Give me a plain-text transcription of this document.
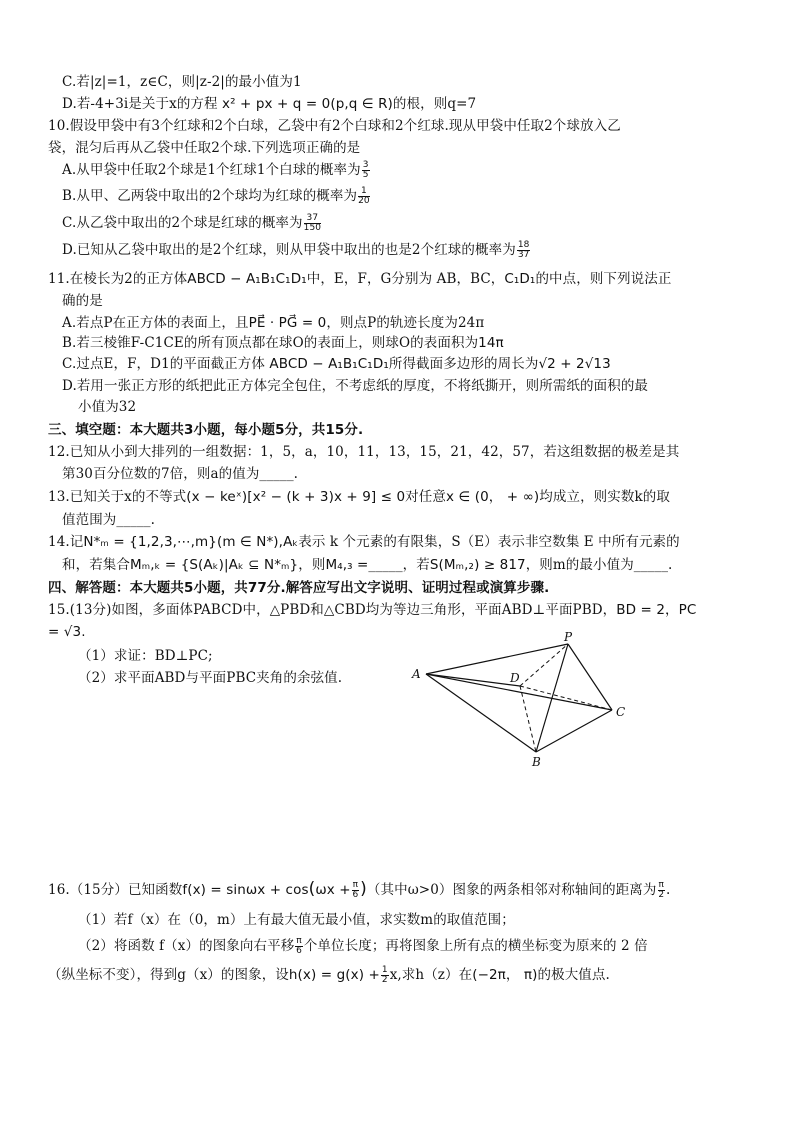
C.若|z|=1，z∈C，则|z-2|的最小值为1
D.若-4+3i是关于x的方程 x² + px + q = 0(p,q ∈ R)的根，则q=7
10.假设甲袋中有3个红球和2个白球，乙袋中有2个白球和2个红球.现从甲袋中任取2个球放入乙
袋，混匀后再从乙袋中任取2个球.下列选项正确的是
A.从甲袋中任取2个球是1个红球1个白球的概率为 $\frac{3}{5}$
B.从甲、乙两袋中取出的2个球均为红球的概率为 $\frac{1}{20}$
C.从乙袋中取出的2个球是红球的概率为 $\frac{37}{150}$
D.已知从乙袋中取出的是2个红球，则从甲袋中取出的也是2个红球的概率为 $\frac{18}{37}$
11.在棱长为2的正方体ABCD − A₁B₁C₁D₁中，E，F，G分别为 AB，BC，C₁D₁的中点，则下列说法正
确的是
A.若点P在正方体的表面上，且PE⃗ · PG⃗ = 0，则点P的轨迹长度为24π
B.若三棱锥F-C1CE的所有顶点都在球O的表面上，则球O的表面积为14π
C.过点E，F，D1的平面截正方体 ABCD − A₁B₁C₁D₁所得截面多边形的周长为√2 + 2√13
D.若用一张正方形的纸把此正方体完全包住，不考虑纸的厚度，不将纸撕开，则所需纸的面积的最
小值为32
三、填空题：本大题共3小题，每小题5分，共15分.
12.已知从小到大排列的一组数据：1，5，a，10，11，13，15，21，42，57，若这组数据的极差是其
第30百分位数的7倍，则a的值为_____.
13.已知关于x的不等式(x − keˣ)[x² − (k + 3)x + 9] ≤ 0对任意x ∈ (0， + ∞)均成立，则实数k的取
值范围为_____.
14.记N*ₘ = {1,2,3,⋯,m}(m ∈ N*),Aₖ表示 k 个元素的有限集，S（E）表示非空数集 E 中所有元素的
和，若集合Mₘ,ₖ = {S(Aₖ)|Aₖ ⊆ N*ₘ}，则M₄,₃ =_____，若S(Mₘ,₂) ≥ 817，则m的最小值为_____.
四、解答题：本大题共5小题，共77分.解答应写出文字说明、证明过程或演算步骤.
15.(13分)如图，多面体PABCD中，△PBD和△CBD均为等边三角形，平面ABD⊥平面PBD，BD = 2，PC
= √3.
（1）求证：BD⊥PC;
（2）求平面ABD与平面PBC夹角的余弦值.
P
A	D
C
B
16.（15分）已知函数$f(x) = \sin\omega x + \cos(\omega x + \frac{\pi}{6}$ )（其中ω>0）图象的两条相邻对称轴间的距离为 $\frac{\pi}{2}$ .
（1）若f（x）在（0，m）上有最大值无最小值，求实数m的取值范围；
（2）将函数 f（x）的图象向右平移 $\frac{\pi}{6}$ 个单位长度；再将图象上所有点的横坐标变为原来的 2 倍
（纵坐标不变），得到g（x）的图象，设$h(x) = g(x) + \frac{1}{2} x$,求h（z）在(−2π， π)的极大值点.
